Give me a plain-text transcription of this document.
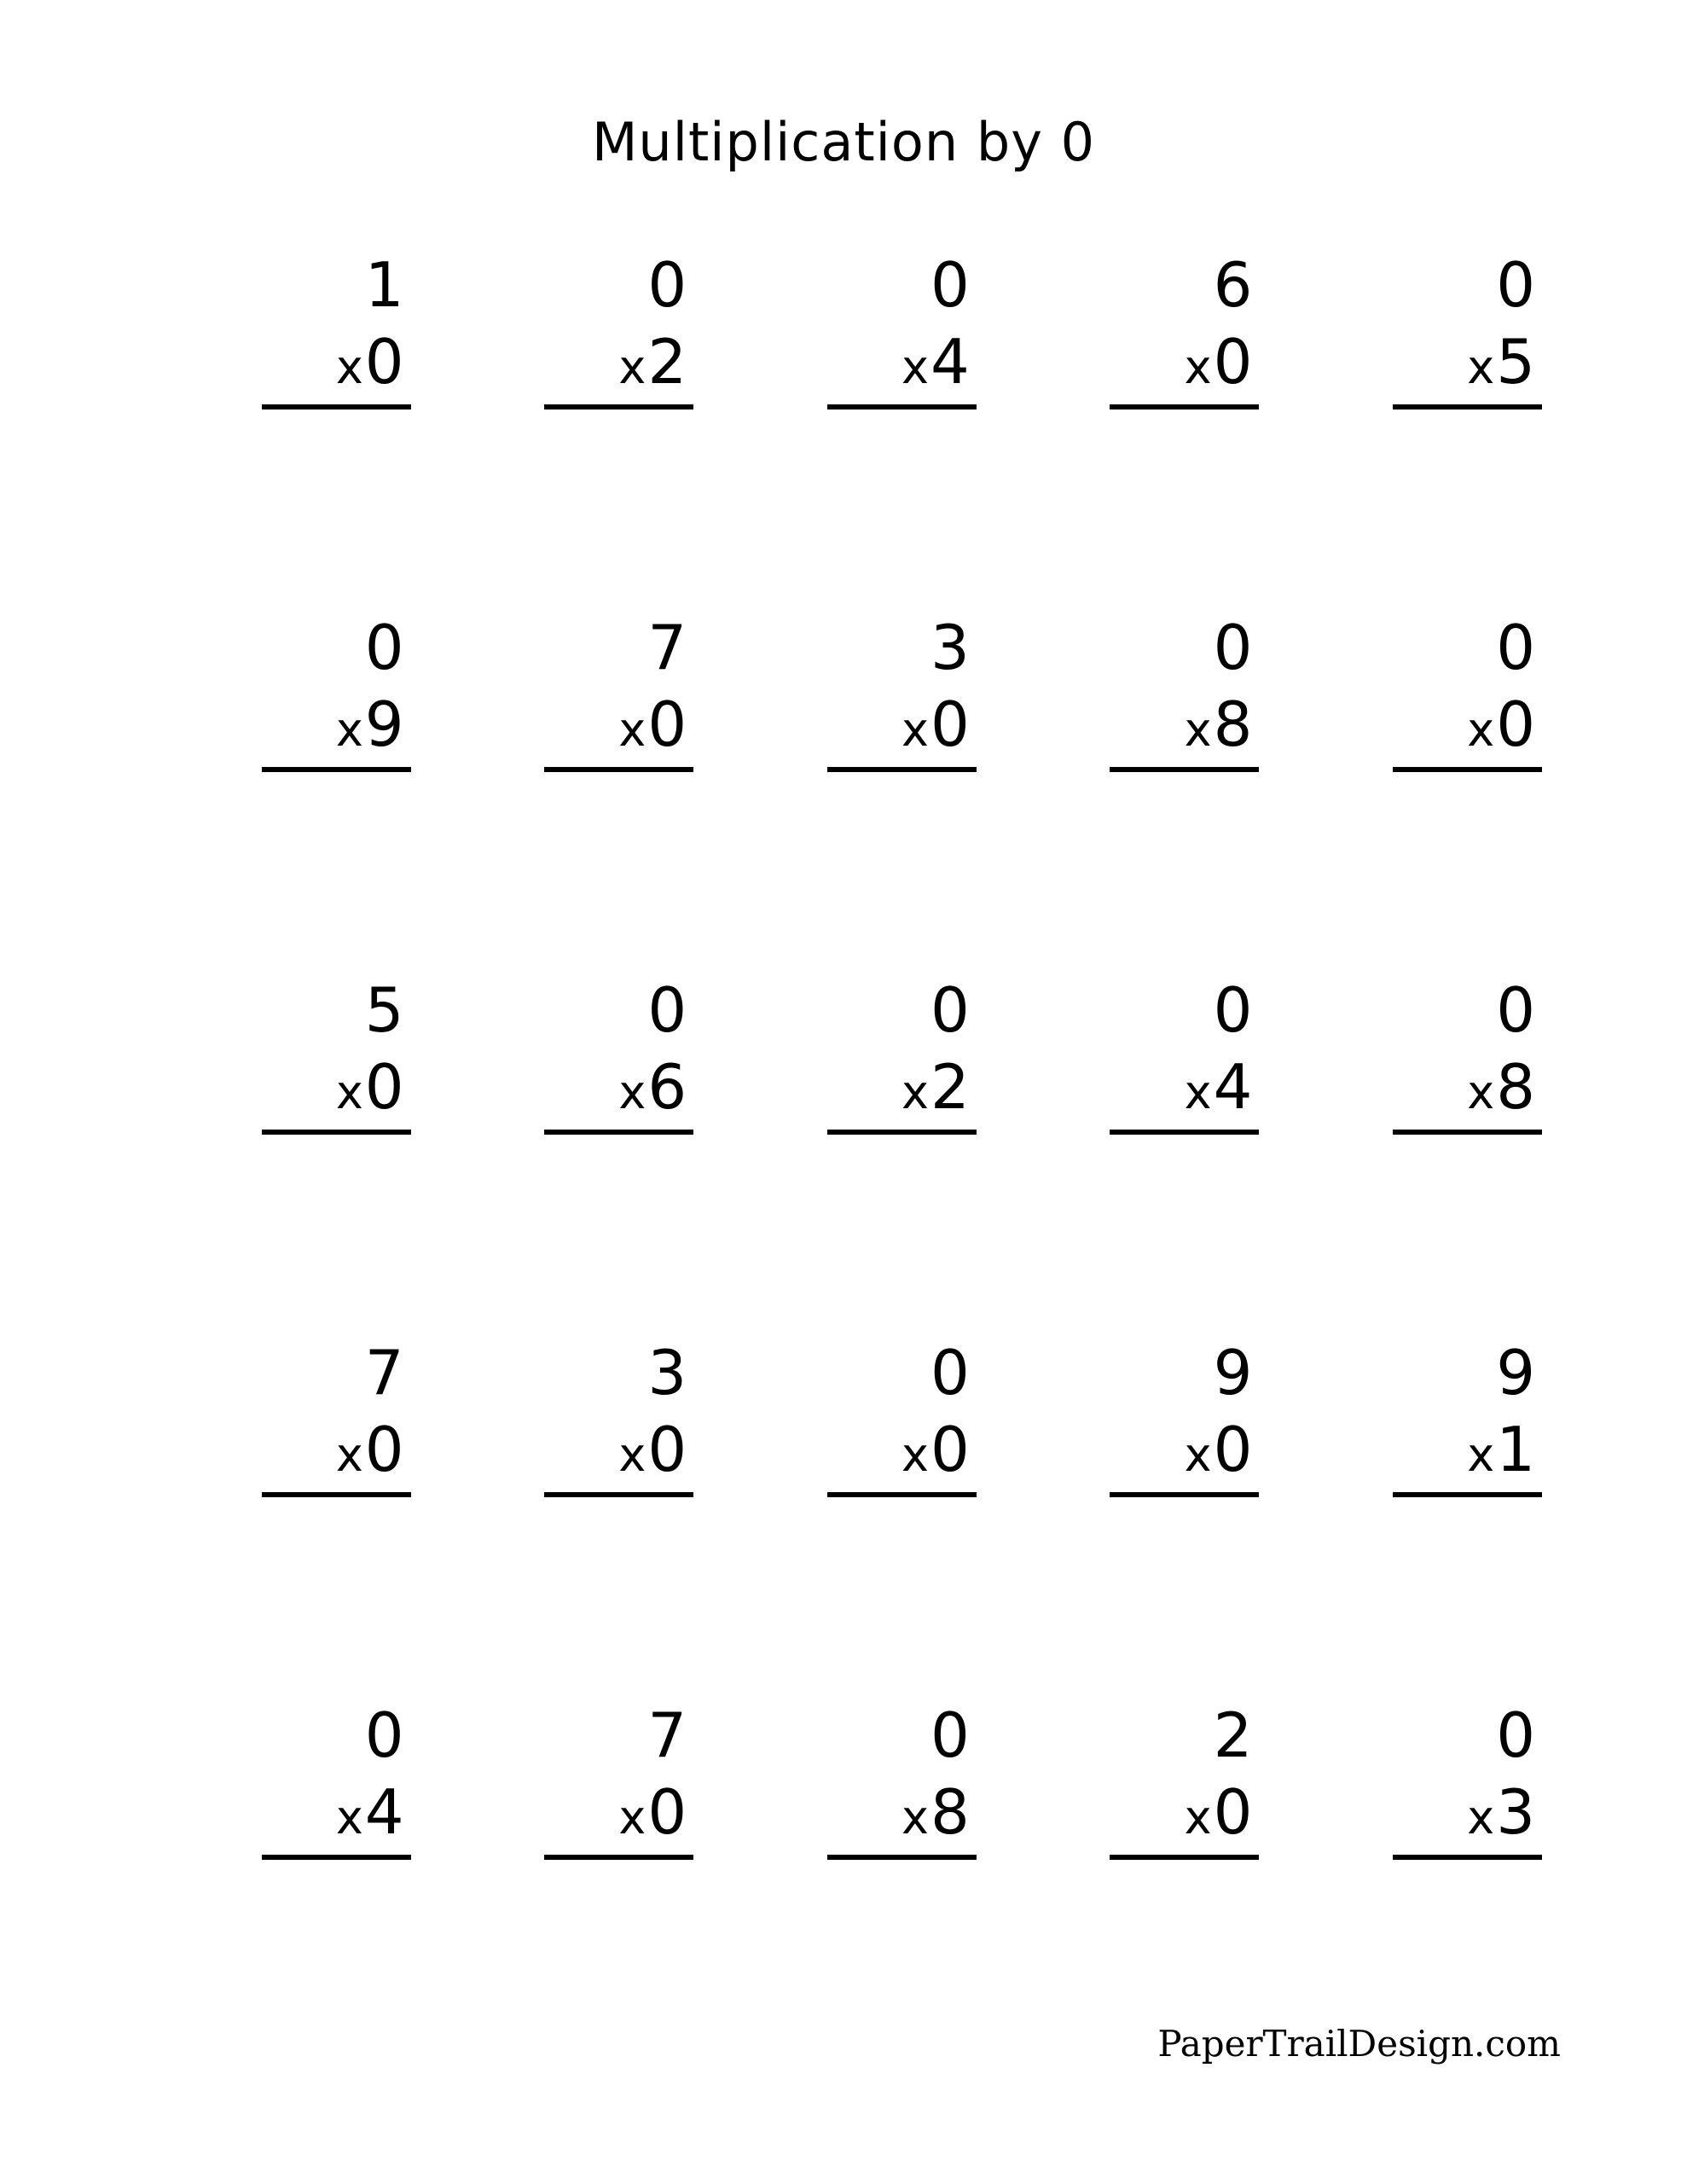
Multiplication by 0
1
x 0
0
x 2
0
x 4
6
x 0
0
x 5
0
x 9
7
x 0
3
x 0
0
x 8
0
x 0
5
x 0
0
x 6
0
x 2
0
x 4
0
x 8
7
x 0
3
x 0
0
x 0
9
x 0
9
x 1
0
x 4
7
x 0
0
x 8
2
x 0
0
x 3
PaperTrailDesign.com
